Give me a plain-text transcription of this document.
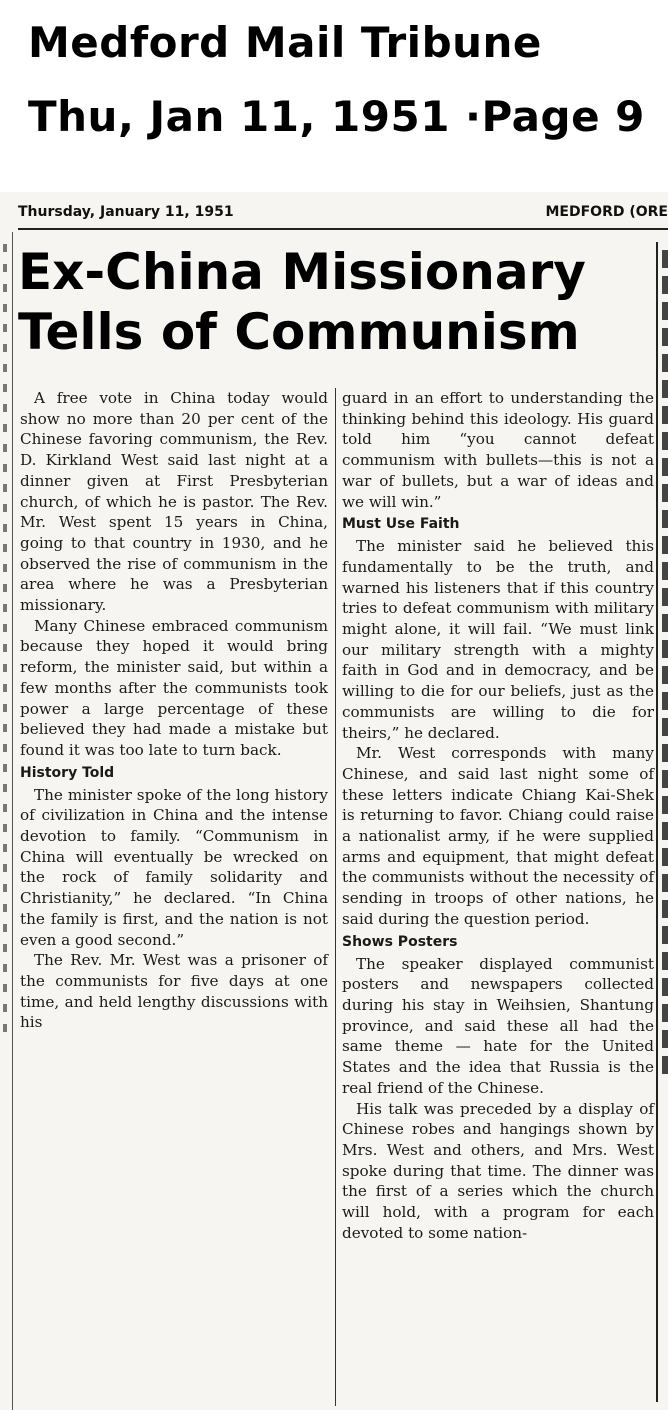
Medford Mail Tribune
Thu, Jan 11, 1951 ·Page 9
Thursday, January 11, 1951	MEDFORD (ORE
Ex-China Missionary Tells of Communism

A free vote in China today would show no more than 20 per cent of the Chinese favoring communism, the Rev. D. Kirkland West said last night at a dinner given at First Presbyterian church, of which he is pastor. The Rev. Mr. West spent 15 years in China, going to that country in 1930, and he observed the rise of communism in the area where he was a Presbyterian missionary.

Many Chinese embraced communism because they hoped it would bring reform, the minister said, but within a few months after the communists took power a large percentage of these believed they had made a mistake but found it was too late to turn back.

History Told

The minister spoke of the long history of civilization in China and the intense devotion to family. “Communism in China will eventually be wrecked on the rock of family solidarity and Christianity,” he declared. “In China the family is first, and the nation is not even a good second.”

The Rev. Mr. West was a prisoner of the communists for five days at one time, and held lengthy discussions with his

guard in an effort to understanding the thinking behind this ideology. His guard told him “you cannot defeat communism with bullets—this is not a war of bullets, but a war of ideas and we will win.”

Must Use Faith

The minister said he believed this fundamentally to be the truth, and warned his listeners that if this country tries to defeat communism with military might alone, it will fail. “We must link our military strength with a mighty faith in God and in democracy, and be willing to die for our beliefs, just as the communists are willing to die for theirs,” he declared.

Mr. West corresponds with many Chinese, and said last night some of these letters indicate Chiang Kai-Shek is returning to favor. Chiang could raise a nationalist army, if he were supplied arms and equipment, that might defeat the communists without the necessity of sending in troops of other nations, he said during the question period.

Shows Posters

The speaker displayed communist posters and newspapers collected during his stay in Weihsien, Shantung province, and said these all had the same theme — hate for the United States and the idea that Russia is the real friend of the Chinese.

His talk was preceded by a display of Chinese robes and hangings shown by Mrs. West and others, and Mrs. West spoke during that time. The dinner was the first of a series which the church will hold, with a program for each devoted to some nation-
